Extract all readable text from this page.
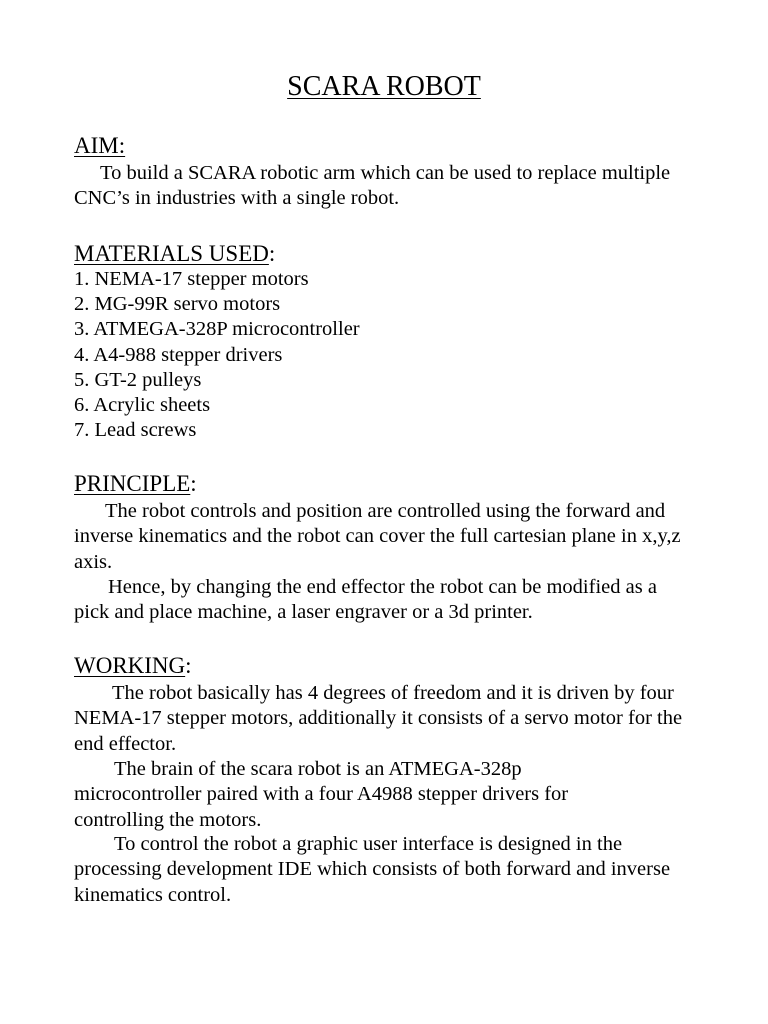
SCARA ROBOT
AIM:

To build a SCARA robotic arm which can be used to replace multiple CNC’s in industries with a single robot.

MATERIALS USED:
1. NEMA-17 stepper motors
2. MG-99R servo motors
3. ATMEGA-328P microcontroller
4. A4-988 stepper drivers
5. GT-2 pulleys
6. Acrylic sheets
7. Lead screws
PRINCIPLE:

The robot controls and position are controlled using the forward and inverse kinematics and the robot can cover the full cartesian plane in x,y,z axis.

Hence, by changing the end effector the robot can be modified as a pick and place machine, a laser engraver or a 3d printer.

WORKING:

The robot basically has 4 degrees of freedom and it is driven by four NEMA-17 stepper motors, additionally it consists of a servo motor for the end effector.

The brain of the scara robot is an ATMEGA-328p microcontroller paired with a four A4988 stepper drivers for controlling the motors.

To control the robot a graphic user interface is designed in the processing development IDE which consists of both forward and inverse kinematics control.
